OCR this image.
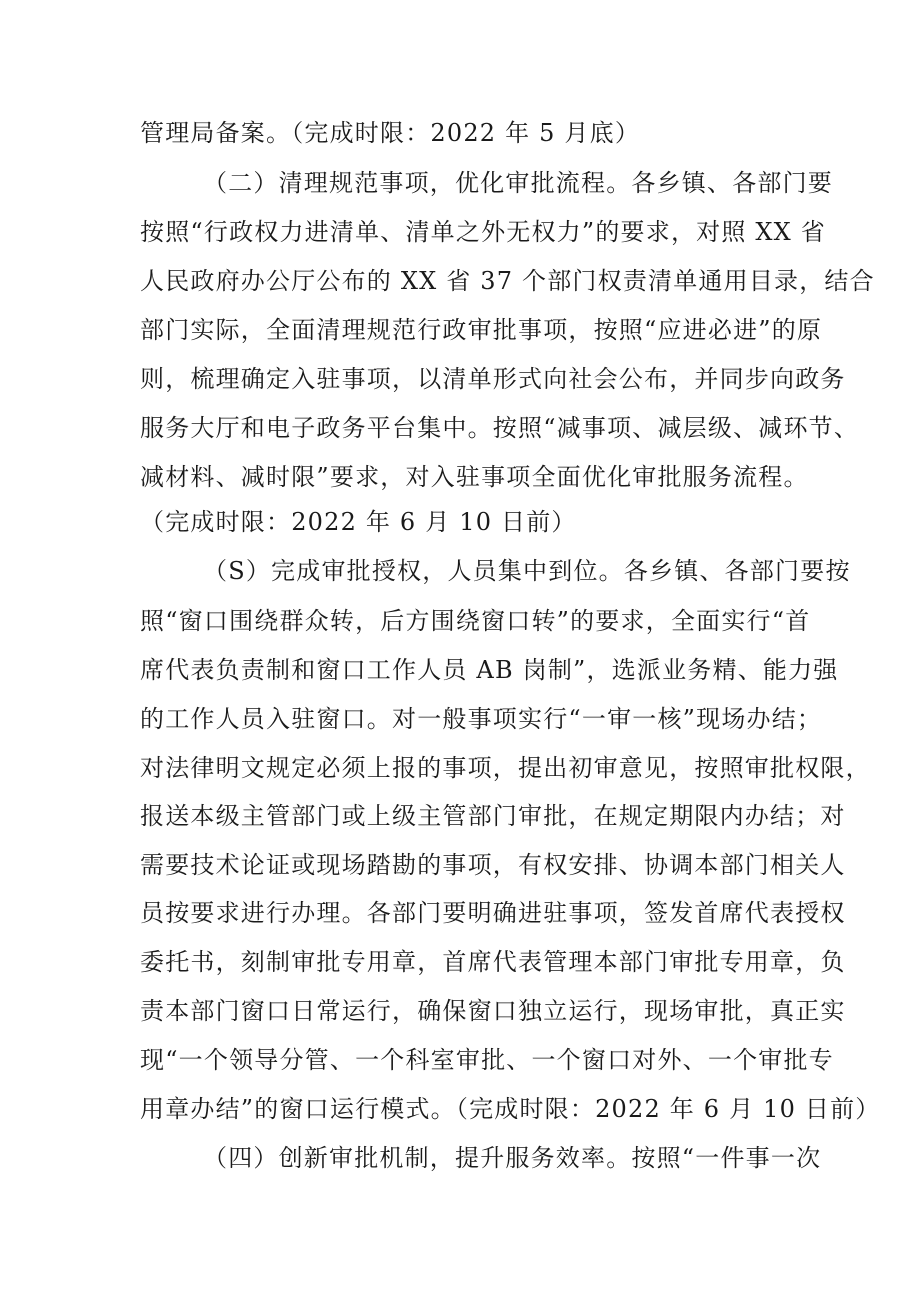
管理局备案。（完成时限：2022 年 5 月底）
（二）清理规范事项，优化审批流程。各乡镇、各部门要
按照“行政权力进清单、清单之外无权力”的要求，对照 XX 省
人民政府办公厅公布的 XX 省 37 个部门权责清单通用目录，结合
部门实际，全面清理规范行政审批事项，按照“应进必进”的原
则，梳理确定入驻事项，以清单形式向社会公布，并同步向政务
服务大厅和电子政务平台集中。按照“减事项、减层级、减环节、
减材料、减时限”要求，对入驻事项全面优化审批服务流程。
（完成时限：2022 年 6 月 10 日前）
（S）完成审批授权，人员集中到位。各乡镇、各部门要按
照“窗口围绕群众转，后方围绕窗口转”的要求，全面实行“首
席代表负责制和窗口工作人员 AB 岗制”，选派业务精、能力强
的工作人员入驻窗口。对一般事项实行“一审一核”现场办结；
对法律明文规定必须上报的事项，提出初审意见，按照审批权限，
报送本级主管部门或上级主管部门审批，在规定期限内办结；对
需要技术论证或现场踏勘的事项，有权安排、协调本部门相关人
员按要求进行办理。各部门要明确进驻事项，签发首席代表授权
委托书，刻制审批专用章，首席代表管理本部门审批专用章，负
责本部门窗口日常运行，确保窗口独立运行，现场审批，真正实
现“一个领导分管、一个科室审批、一个窗口对外、一个审批专
用章办结”的窗口运行模式。（完成时限：2022 年 6 月 10 日前）
（四）创新审批机制，提升服务效率。按照“一件事一次
